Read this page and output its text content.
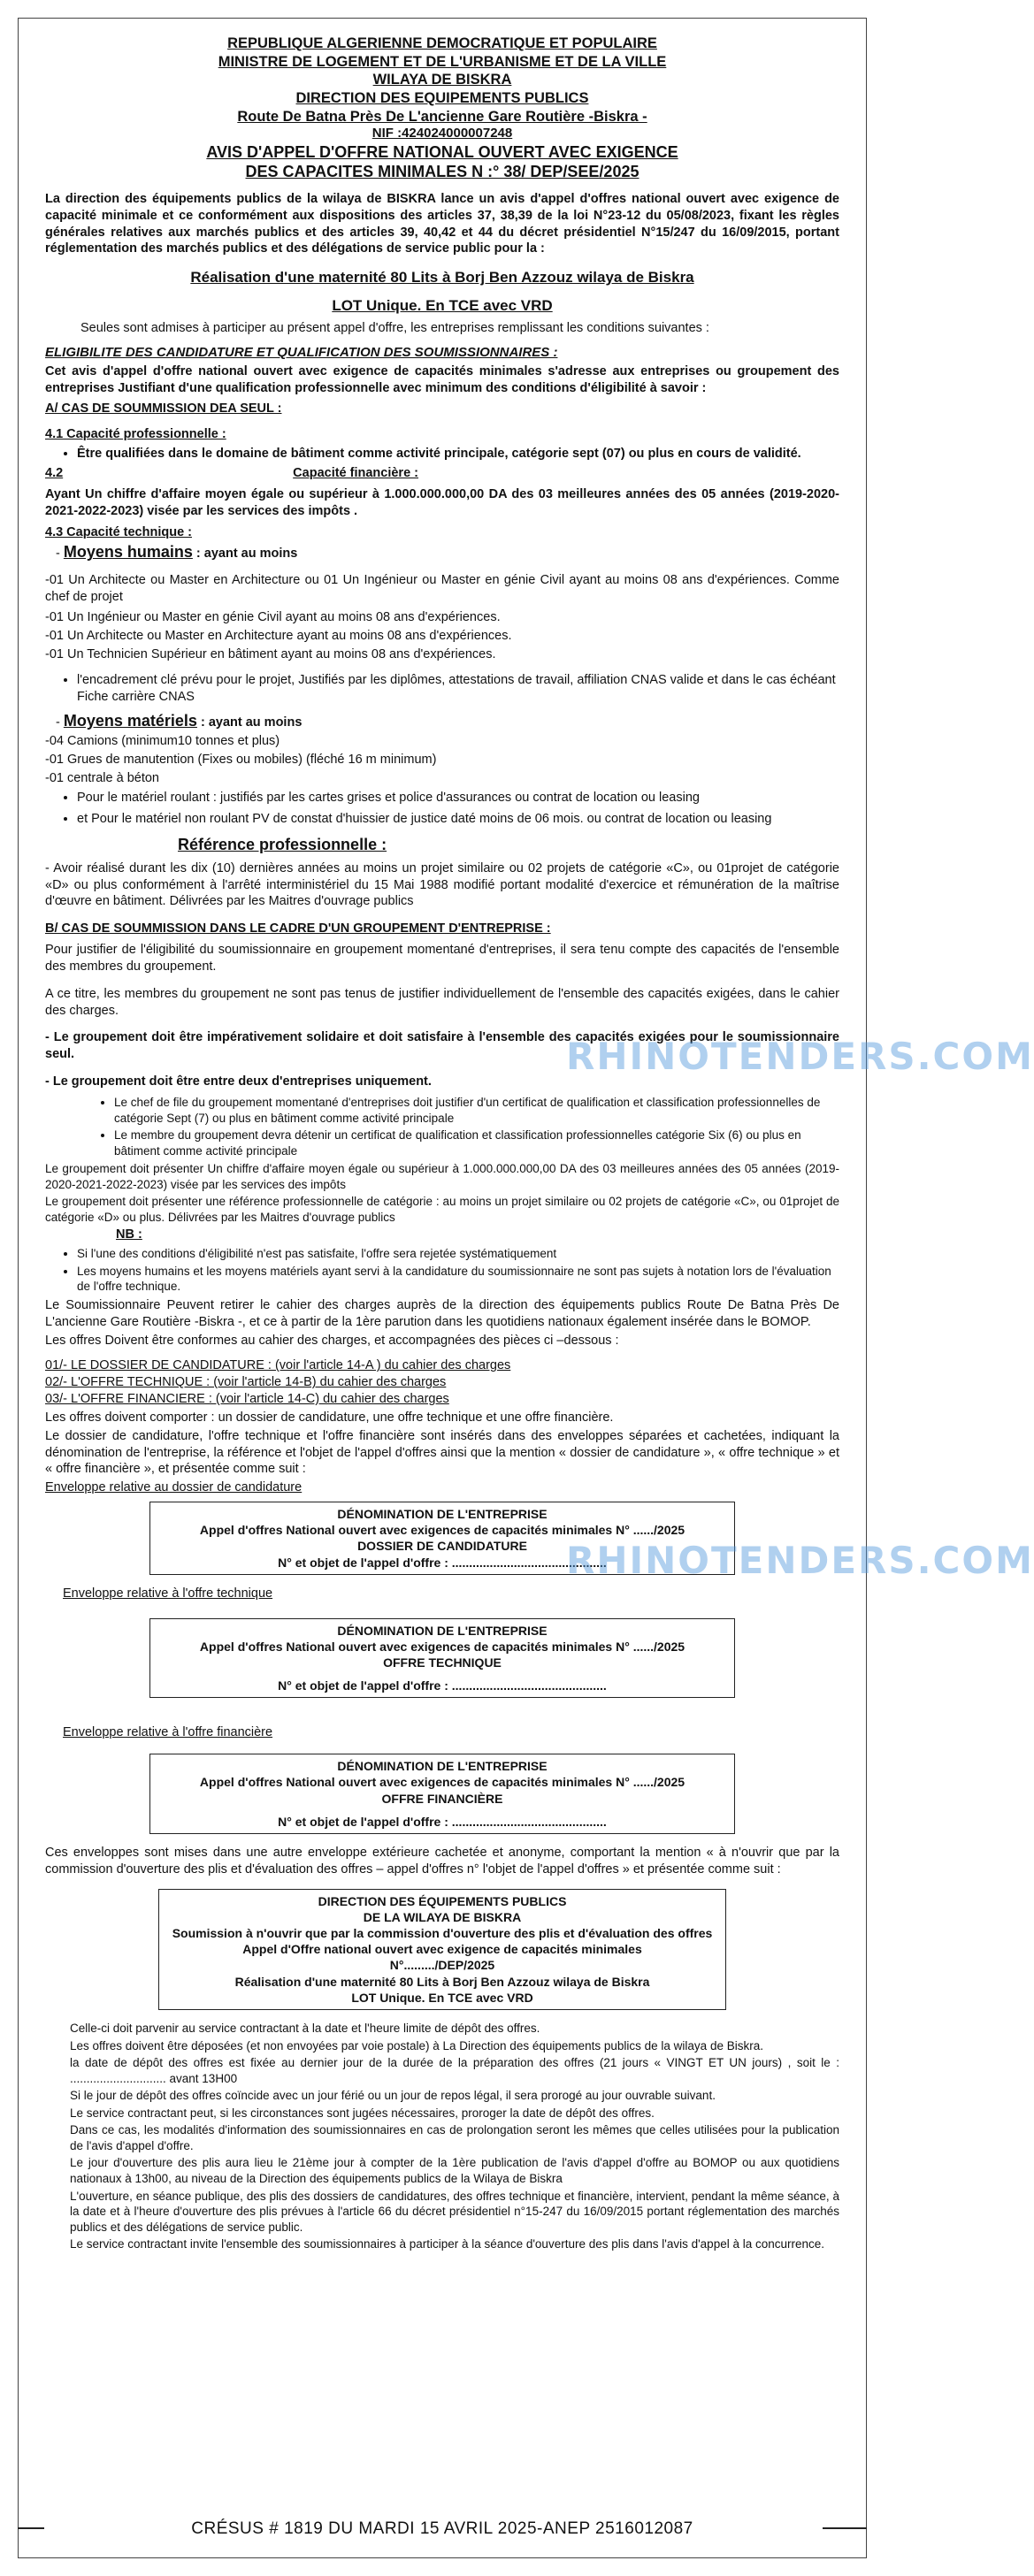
REPUBLIQUE ALGERIENNE DEMOCRATIQUE ET POPULAIRE
MINISTRE DE LOGEMENT ET DE L'URBANISME ET DE LA VILLE
WILAYA DE BISKRA
DIRECTION DES EQUIPEMENTS PUBLICS
Route De Batna Près De L'ancienne Gare Routière -Biskra -
NIF :424024000007248
AVIS D'APPEL D'OFFRE NATIONAL OUVERT AVEC EXIGENCE
DES CAPACITES MINIMALES N :° 38/ DEP/SEE/2025

La direction des équipements publics de la wilaya de BISKRA lance un avis d'appel d'offres national ouvert avec exigence de capacité minimale et ce conformément aux dispositions des articles 37, 38,39 de la loi N°23-12 du 05/08/2023, fixant les règles générales relatives aux marchés publics et des articles 39, 40,42 et 44 du décret présidentiel N°15/247 du 16/09/2015, portant réglementation des marchés publics et des délégations de service public pour la :

Réalisation d'une maternité 80 Lits à Borj Ben Azzouz wilaya de Biskra

LOT Unique. En TCE avec VRD

Seules sont admises à participer au présent appel d'offre, les entreprises remplissant les conditions suivantes :

ELIGIBILITE DES CANDIDATURE ET QUALIFICATION DES SOUMISSIONNAIRES :

Cet avis d'appel d'offre national ouvert avec exigence de capacités minimales s'adresse aux entreprises ou groupement des entreprises Justifiant d'une qualification professionnelle avec minimum des conditions d'éligibilité à savoir :

A/ CAS DE SOUMMISSION DEA SEUL :
4.1 Capacité professionnelle :
• Être qualifiées dans le domaine de bâtiment comme activité principale, catégorie sept (07) ou plus en cours de validité.
4.2	Capacité financière :

Ayant Un chiffre d'affaire moyen égale ou supérieur à 1.000.000.000,00 DA des 03 meilleures années des 05 années (2019-2020-2021-2022-2023) visée par les services des impôts .

4.3 Capacité technique :
- Moyens humains : ayant au moins

-01 Un Architecte ou Master en Architecture ou 01 Un Ingénieur ou Master en génie Civil ayant au moins 08 ans d'expériences. Comme chef de projet

-01 Un Ingénieur ou Master en génie Civil ayant au moins 08 ans d'expériences.

-01 Un Architecte ou Master en Architecture ayant au moins 08 ans d'expériences.

-01 Un Technicien Supérieur en bâtiment ayant au moins 08 ans d'expériences.

• l'encadrement clé prévu pour le projet, Justifiés par les diplômes, attestations de travail, affiliation CNAS valide et dans le cas échéant Fiche carrière CNAS
- Moyens matériels : ayant au moins

-04 Camions (minimum10 tonnes et plus)

-01 Grues de manutention (Fixes ou mobiles) (fléché 16 m minimum)

-01 centrale à béton

• Pour le matériel roulant : justifiés par les cartes grises et police d'assurances ou contrat de location ou leasing
• et Pour le matériel non roulant PV de constat d'huissier de justice daté moins de 06 mois. ou contrat de location ou leasing
Référence professionnelle :

- Avoir réalisé durant les dix (10) dernières années au moins un projet similaire ou 02 projets de catégorie «C», ou 01projet de catégorie «D» ou plus conformément à l'arrêté interministériel du 15 Mai 1988 modifié portant modalité d'exercice et rémunération de la maîtrise d'œuvre en bâtiment. Délivrées par les Maitres d'ouvrage publics

B/ CAS DE SOUMMISSION DANS LE CADRE D'UN GROUPEMENT D'ENTREPRISE :

Pour justifier de l'éligibilité du soumissionnaire en groupement momentané d'entreprises, il sera tenu compte des capacités de l'ensemble des membres du groupement.

A ce titre, les membres du groupement ne sont pas tenus de justifier individuellement de l'ensemble des capacités exigées, dans le cahier des charges.

- Le groupement doit être impérativement solidaire et doit satisfaire à l'ensemble des capacités exigées pour le soumissionnaire seul.

- Le groupement doit être entre deux d'entreprises uniquement.

• Le chef de file du groupement momentané d'entreprises doit justifier d'un certificat de qualification et classification professionnelles de catégorie Sept (7) ou plus en bâtiment comme activité principale
• Le membre du groupement devra détenir un certificat de qualification et classification professionnelles catégorie Six (6) ou plus en bâtiment comme activité principale

Le groupement doit présenter Un chiffre d'affaire moyen égale ou supérieur à 1.000.000.000,00 DA des 03 meilleures années des 05 années (2019-2020-2021-2022-2023) visée par les services des impôts

Le groupement doit présenter une référence professionnelle de catégorie : au moins un projet similaire ou 02 projets de catégorie «C», ou 01projet de catégorie «D» ou plus. Délivrées par les Maitres d'ouvrage publics

NB :
• Si l'une des conditions d'éligibilité n'est pas satisfaite, l'offre sera rejetée systématiquement
• Les moyens humains et les moyens matériels ayant servi à la candidature du soumissionnaire ne sont pas sujets à notation lors de l'évaluation de l'offre technique.

Le Soumissionnaire Peuvent retirer le cahier des charges auprès de la direction des équipements publics Route De Batna Près De L'ancienne Gare Routière -Biskra -, et ce à partir de la 1ère parution dans les quotidiens nationaux également insérée dans le BOMOP.

Les offres Doivent être conformes au cahier des charges, et accompagnées des pièces ci –dessous :

01/- LE DOSSIER DE CANDIDATURE : (voir l'article 14-A ) du cahier des charges
02/- L'OFFRE TECHNIQUE : (voir l'article 14-B) du cahier des charges
03/- L'OFFRE FINANCIERE : (voir l'article 14-C) du cahier des charges

Les offres doivent comporter : un dossier de candidature, une offre technique et une offre financière.

Le dossier de candidature, l'offre technique et l'offre financière sont insérés dans des enveloppes séparées et cachetées, indiquant la dénomination de l'entreprise, la référence et l'objet de l'appel d'offres ainsi que la mention « dossier de candidature », « offre technique » et « offre financière », et présentée comme suit :

Enveloppe relative au dossier de candidature
DÉNOMINATION DE L'ENTREPRISE
Appel d'offres National ouvert avec exigences de capacités minimales N° ....../2025
DOSSIER DE CANDIDATURE
N° et objet de l'appel d'offre : .............................................
Enveloppe relative à l'offre technique
DÉNOMINATION DE L'ENTREPRISE
Appel d'offres National ouvert avec exigences de capacités minimales N° ....../2025
OFFRE TECHNIQUE
N° et objet de l'appel d'offre : .............................................
Enveloppe relative à l'offre financière
DÉNOMINATION DE L'ENTREPRISE
Appel d'offres National ouvert avec exigences de capacités minimales N° ....../2025
OFFRE FINANCIÈRE
N° et objet de l'appel d'offre : .............................................

Ces enveloppes sont mises dans une autre enveloppe extérieure cachetée et anonyme, comportant la mention « à n'ouvrir que par la commission d'ouverture des plis et d'évaluation des offres – appel d'offres n° l'objet de l'appel d'offres » et présentée comme suit :

DIRECTION DES ÉQUIPEMENTS PUBLICS
DE LA WILAYA DE BISKRA
Soumission à n'ouvrir que par la commission d'ouverture des plis et d'évaluation des offres
Appel d'Offre national ouvert avec exigence de capacités minimales
N°........./DEP/2025
Réalisation d'une maternité 80 Lits à Borj Ben Azzouz wilaya de Biskra
LOT Unique. En TCE avec VRD

Celle-ci doit parvenir au service contractant à la date et l'heure limite de dépôt des offres.

Les offres doivent être déposées (et non envoyées par voie postale) à La Direction des équipements publics de la wilaya de Biskra.

la date de dépôt des offres est fixée au dernier jour de la durée de la préparation des offres (21 jours « VINGT ET UN jours) , soit le : ............................. avant 13H00

Si le jour de dépôt des offres coïncide avec un jour férié ou un jour de repos légal, il sera prorogé au jour ouvrable suivant.

Le service contractant peut, si les circonstances sont jugées nécessaires, proroger la date de dépôt des offres.

Dans ce cas, les modalités d'information des soumissionnaires en cas de prolongation seront les mêmes que celles utilisées pour la publication de l'avis d'appel d'offre.

Le jour d'ouverture des plis aura lieu le 21ème jour à compter de la 1ère publication de l'avis d'appel d'offre au BOMOP ou aux quotidiens nationaux à 13h00, au niveau de la Direction des équipements publics de la Wilaya de Biskra

L'ouverture, en séance publique, des plis des dossiers de candidatures, des offres technique et financière, intervient, pendant la même séance, à la date et à l'heure d'ouverture des plis prévues à l'article 66 du décret présidentiel n°15-247 du 16/09/2015 portant réglementation des marchés publics et des délégations de service public.

Le service contractant invite l'ensemble des soumissionnaires à participer à la séance d'ouverture des plis dans l'avis d'appel à la concurrence.

RHINOTENDERS.COM
RHINOTENDERS.COM
CRÉSUS # 1819 DU MARDI 15 AVRIL 2025-ANEP 2516012087
